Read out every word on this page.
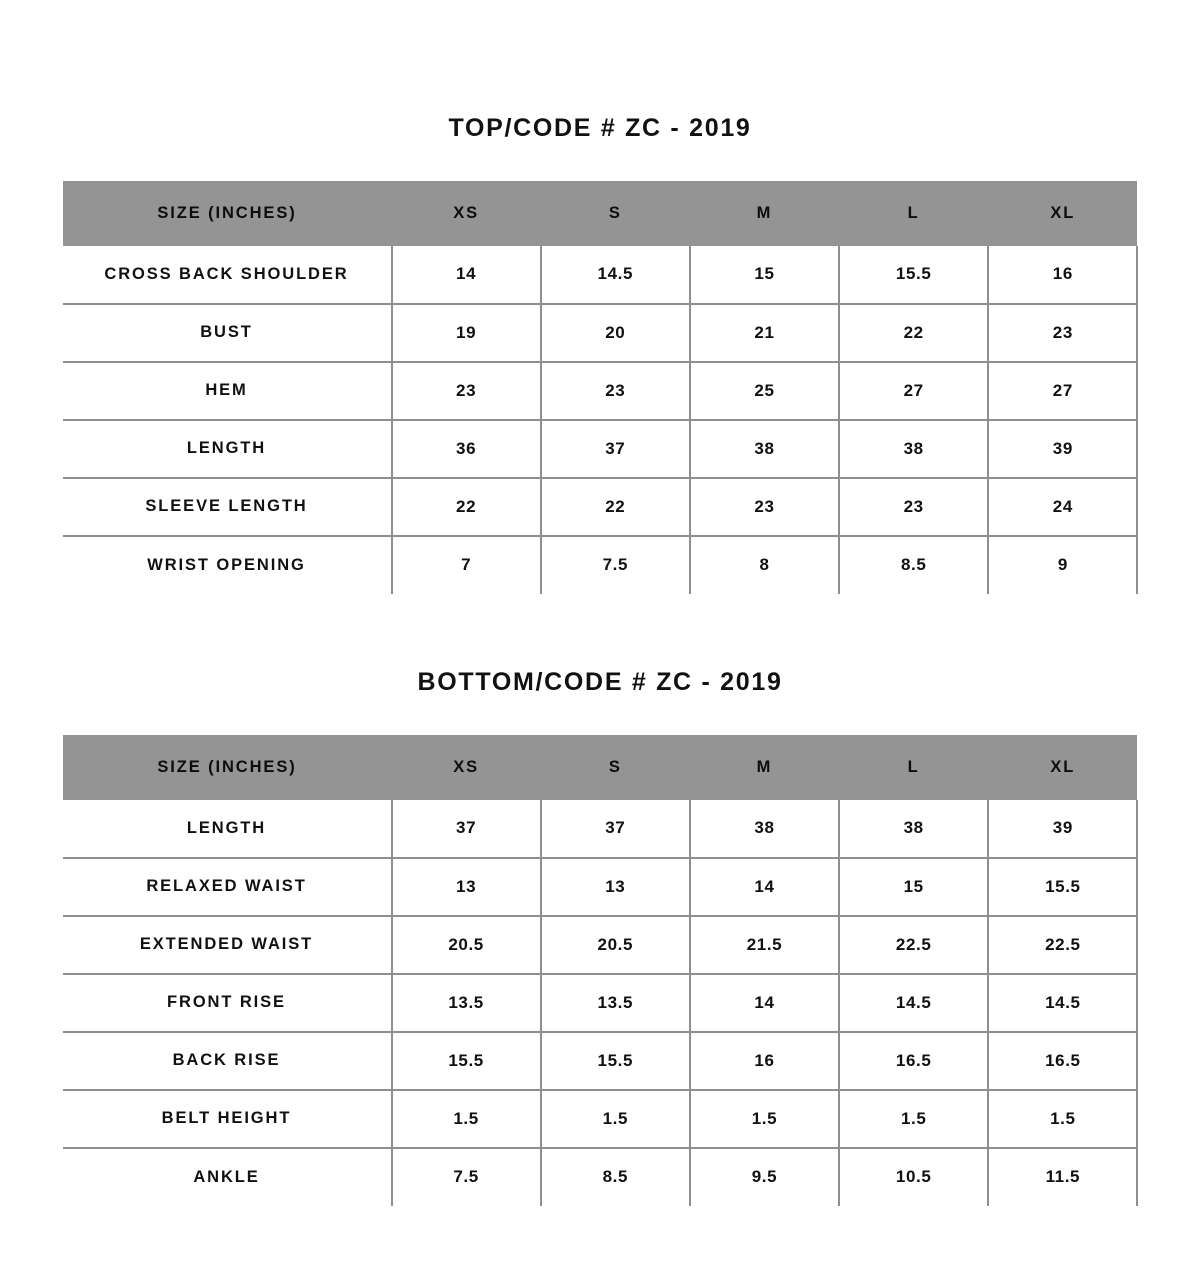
TOP/CODE # ZC - 2019
SIZE (INCHES)	XS	S	M	L	XL
CROSS BACK SHOULDER	14	14.5	15	15.5	16
BUST	19	20	21	22	23
HEM	23	23	25	27	27
LENGTH	36	37	38	38	39
SLEEVE LENGTH	22	22	23	23	24
WRIST OPENING	7	7.5	8	8.5	9
BOTTOM/CODE # ZC - 2019
SIZE (INCHES)	XS	S	M	L	XL
LENGTH	37	37	38	38	39
RELAXED WAIST	13	13	14	15	15.5
EXTENDED WAIST	20.5	20.5	21.5	22.5	22.5
FRONT RISE	13.5	13.5	14	14.5	14.5
BACK RISE	15.5	15.5	16	16.5	16.5
BELT HEIGHT	1.5	1.5	1.5	1.5	1.5
ANKLE	7.5	8.5	9.5	10.5	11.5
